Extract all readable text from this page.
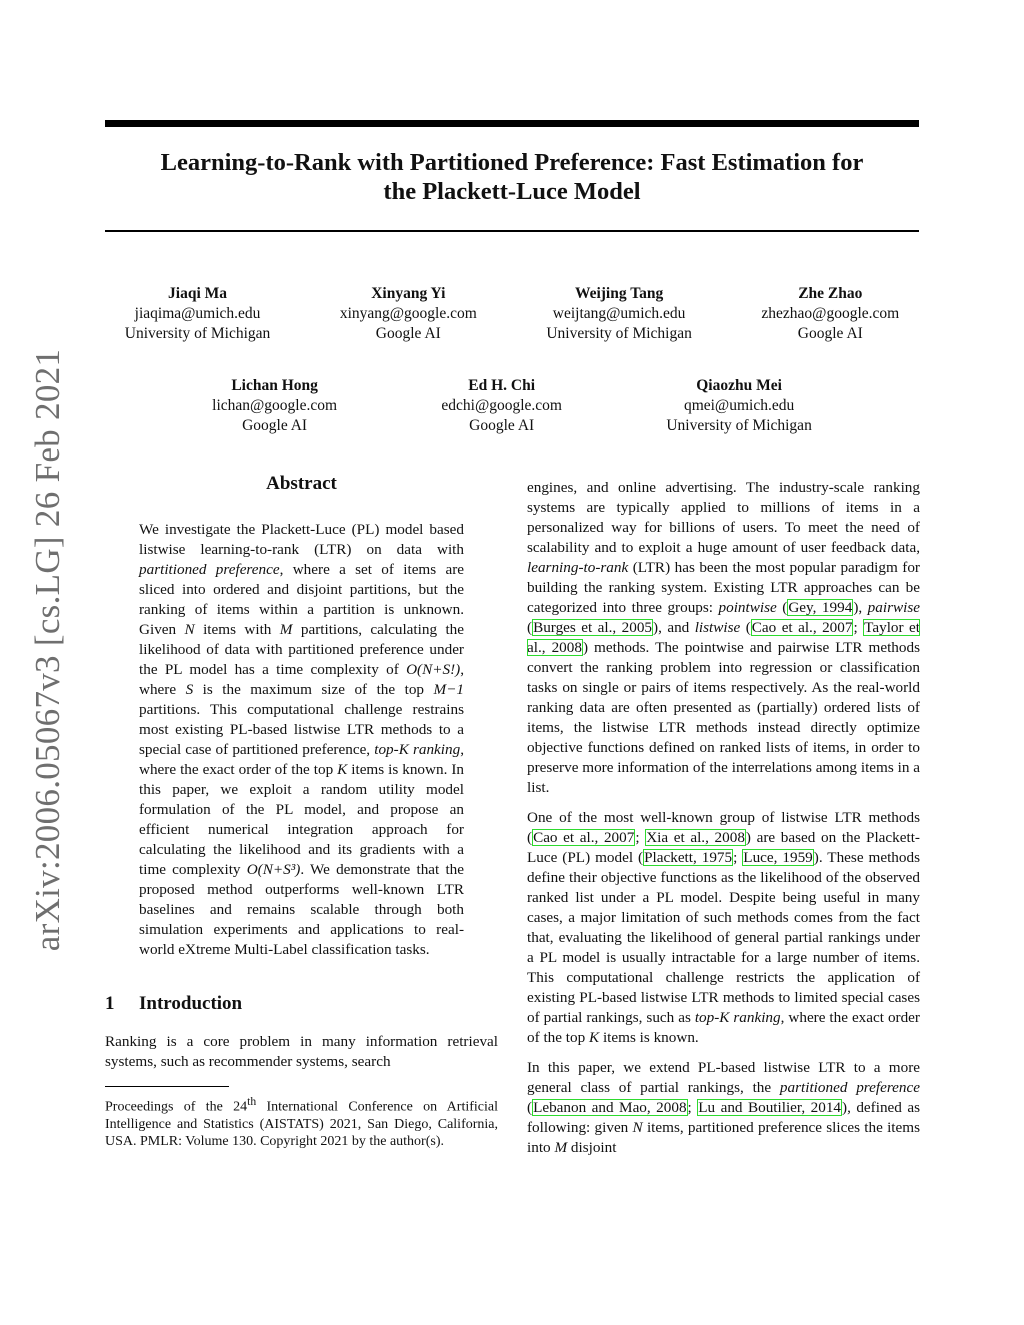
arXiv:2006.05067v3 [cs.LG] 26 Feb 2021
Learning-to-Rank with Partitioned Preference: Fast Estimation for
the Plackett-Luce Model
Jiaqi Ma
jiaqima@umich.edu
University of Michigan
Xinyang Yi
xinyang@google.com
Google AI
Weijing Tang
weijtang@umich.edu
University of Michigan
Zhe Zhao
zhezhao@google.com
Google AI
Lichan Hong
lichan@google.com
Google AI
Ed H. Chi
edchi@google.com
Google AI
Qiaozhu Mei
qmei@umich.edu
University of Michigan
Abstract

We investigate the Plackett-Luce (PL) model based listwise learning-to-rank (LTR) on data with partitioned preference, where a set of items are sliced into ordered and disjoint partitions, but the ranking of items within a partition is unknown. Given N items with M partitions, calculating the likelihood of data with partitioned preference under the PL model has a time complexity of O(N+S!), where S is the maximum size of the top M−1 partitions. This computational challenge restrains most existing PL-based listwise LTR methods to a special case of partitioned preference, top-K ranking, where the exact order of the top K items is known. In this paper, we exploit a random utility model formulation of the PL model, and propose an efficient numerical integration approach for calculating the likelihood and its gradients with a time complexity O(N+S³). We demonstrate that the proposed method outperforms well-known LTR baselines and remains scalable through both simulation experiments and applications to real-world eXtreme Multi-Label classification tasks.

1 Introduction

Ranking is a core problem in many information retrieval systems, such as recommender systems, search

Proceedings of the 24th International Conference on Artificial Intelligence and Statistics (AISTATS) 2021, San Diego, California, USA. PMLR: Volume 130. Copyright 2021 by the author(s).

engines, and online advertising. The industry-scale ranking systems are typically applied to millions of items in a personalized way for billions of users. To meet the need of scalability and to exploit a huge amount of user feedback data, learning-to-rank (LTR) has been the most popular paradigm for building the ranking system. Existing LTR approaches can be categorized into three groups: pointwise (Gey, 1994), pairwise (Burges et al., 2005), and listwise (Cao et al., 2007; Taylor et al., 2008) methods. The pointwise and pairwise LTR methods convert the ranking problem into regression or classification tasks on single or pairs of items respectively. As the real-world ranking data are often presented as (partially) ordered lists of items, the listwise LTR methods instead directly optimize objective functions defined on ranked lists of items, in order to preserve more information of the interrelations among items in a list.

One of the most well-known group of listwise LTR methods (Cao et al., 2007; Xia et al., 2008) are based on the Plackett-Luce (PL) model (Plackett, 1975; Luce, 1959). These methods define their objective functions as the likelihood of the observed ranked list under a PL model. Despite being useful in many cases, a major limitation of such methods comes from the fact that, evaluating the likelihood of general partial rankings under a PL model is usually intractable for a large number of items. This computational challenge restricts the application of existing PL-based listwise LTR methods to limited special cases of partial rankings, such as top-K ranking, where the exact order of the top K items is known.

In this paper, we extend PL-based listwise LTR to a more general class of partial rankings, the partitioned preference (Lebanon and Mao, 2008; Lu and Boutilier, 2014), defined as following: given N items, partitioned preference slices the items into M disjoint
